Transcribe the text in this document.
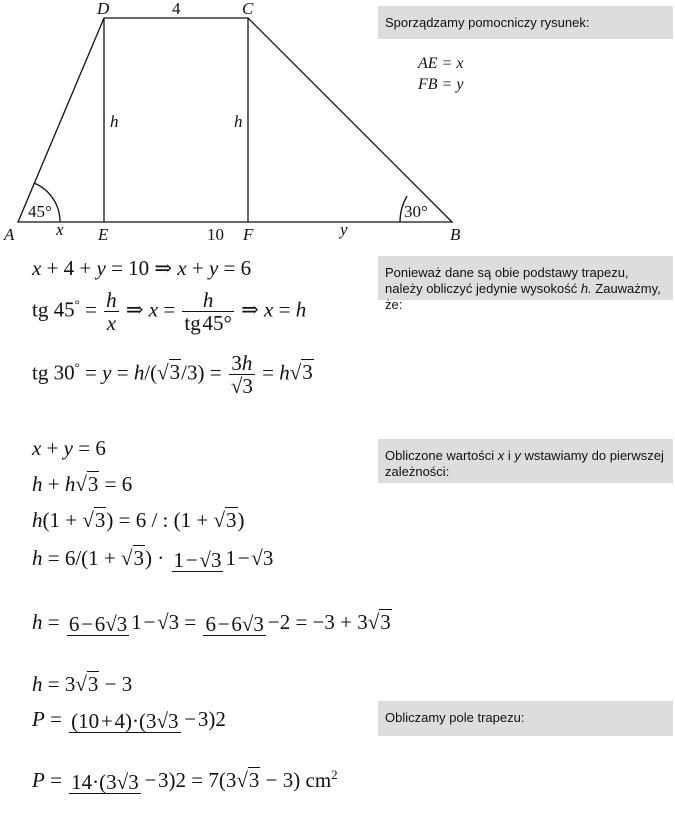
D	4	C
h	h
45°	30°
A x E	10 F	y	B
Sporządzamy pomocniczy rysunek:
Ponieważ dane są obie podstawy trapezu, należy obliczyć jedynie wysokość h. Zauważmy, że:
Obliczone wartości x i y wstawiamy do pierwszej zależności:
Obliczamy pole trapezu:
AE = x
FB = y
x + 4 + y = 10 ⇒ x + y = 6
tg $45^\circ = \frac{h}{x}$ ⇒ $x = \frac{h}{tg 45^\circ}$ ⇒ x = h
tg $30^\circ = y = h/(√3/3) = \frac{3h}{√3} = h√3$
x + y = 6
h + h√3 = 6
h(1 + √3) = 6 / : (1 + √3)
h = 6/(1 + √3) · 1 − √3 1 − √3
h = 6 − 6√3 1 − √3 = 6 − 6√3 −2 = −3 + 3√3
h = 3√3 − 3
P = (10 + 4)·(3√3  − 3)2
P = 14·(3√3  − 3)2 = 7(3√3 − 3) $cm^2$
